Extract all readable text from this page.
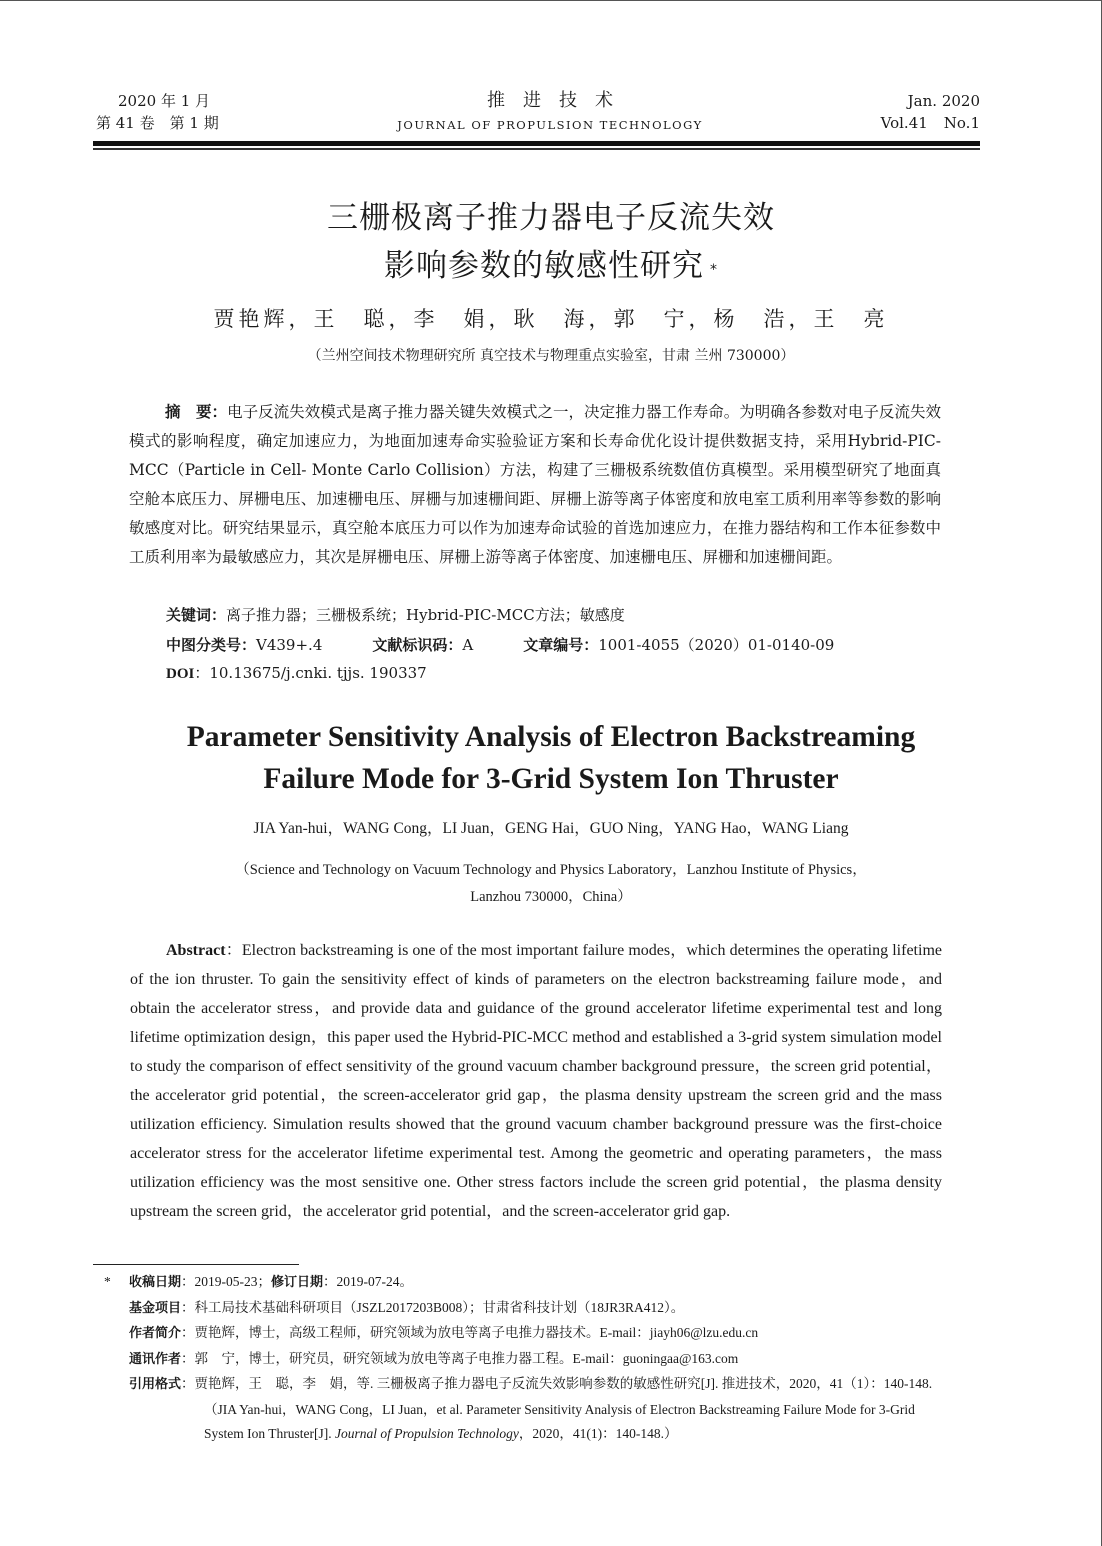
2020 年 1 月
第 41 卷　第 1 期
推进技术
JOURNAL OF PROPULSION TECHNOLOGY
Jan. 2020
Vol.41 No.1
三栅极离子推力器电子反流失效
影响参数的敏感性研究 *
贾艳辉，王　聪，李　娟，耿　海，郭　宁，杨　浩，王　亮
（兰州空间技术物理研究所 真空技术与物理重点实验室，甘肃 兰州 730000）
摘　要：电子反流失效模式是离子推力器关键失效模式之一，决定推力器工作寿命。为明确各参数对电子反流失效模式的影响程度，确定加速应力，为地面加速寿命实验验证方案和长寿命优化设计提供数据支持，采用Hybrid-PIC-MCC（Particle in Cell- Monte Carlo Collision）方法，构建了三栅极系统数值仿真模型。采用模型研究了地面真空舱本底压力、屏栅电压、加速栅电压、屏栅与加速栅间距、屏栅上游等离子体密度和放电室工质利用率等参数的影响敏感度对比。研究结果显示，真空舱本底压力可以作为加速寿命试验的首选加速应力，在推力器结构和工作本征参数中工质利用率为最敏感应力，其次是屏栅电压、屏栅上游等离子体密度、加速栅电压、屏栅和加速栅间距。
关键词：离子推力器；三栅极系统；Hybrid-PIC-MCC方法；敏感度
中图分类号：V439+.4	文献标识码：A	文章编号：1001-4055（2020）01-0140-09
DOI：10.13675/j.cnki. tjjs. 190337
Parameter Sensitivity Analysis of Electron Backstreaming
Failure Mode for 3-Grid System Ion Thruster
JIA Yan-hui，WANG Cong，LI Juan，GENG Hai，GUO Ning，YANG Hao，WANG Liang
（Science and Technology on Vacuum Technology and Physics Laboratory，Lanzhou Institute of Physics，
Lanzhou 730000，China）
Abstract：Electron backstreaming is one of the most important failure modes，which determines the operating lifetime of the ion thruster. To gain the sensitivity effect of kinds of parameters on the electron backstreaming failure mode，and obtain the accelerator stress，and provide data and guidance of the ground accelerator lifetime experimental test and long lifetime optimization design，this paper used the Hybrid-PIC-MCC method and established a 3-grid system simulation model to study the comparison of effect sensitivity of the ground vacuum chamber background pressure，the screen grid potential，the accelerator grid potential，the screen-accelerator grid gap，the plasma density upstream the screen grid and the mass utilization efficiency. Simulation results showed that the ground vacuum chamber background pressure was the first-choice accelerator stress for the accelerator lifetime experimental test. Among the geometric and operating parameters，the mass utilization efficiency was the most sensitive one. Other stress factors include the screen grid potential，the plasma density upstream the screen grid，the accelerator grid potential，and the screen-accelerator grid gap.
* 收稿日期：2019-05-23；修订日期：2019-07-24。
基金项目：科工局技术基础科研项目（JSZL2017203B008）；甘肃省科技计划（18JR3RA412）。
作者简介：贾艳辉，博士，高级工程师，研究领域为放电等离子电推力器技术。E-mail：jiayh06@lzu.edu.cn
通讯作者：郭　宁，博士，研究员，研究领域为放电等离子电推力器工程。E-mail：guoningaa@163.com
引用格式：贾艳辉，王　聪，李　娟，等. 三栅极离子推力器电子反流失效影响参数的敏感性研究[J]. 推进技术，2020，41（1）：140-148.　（JIA Yan-hui，WANG Cong，LI Juan，et al. Parameter Sensitivity Analysis of Electron Backstreaming Failure Mode for 3-Grid System Ion Thruster[J]. Journal of Propulsion Technology，2020，41(1)：140-148.）
